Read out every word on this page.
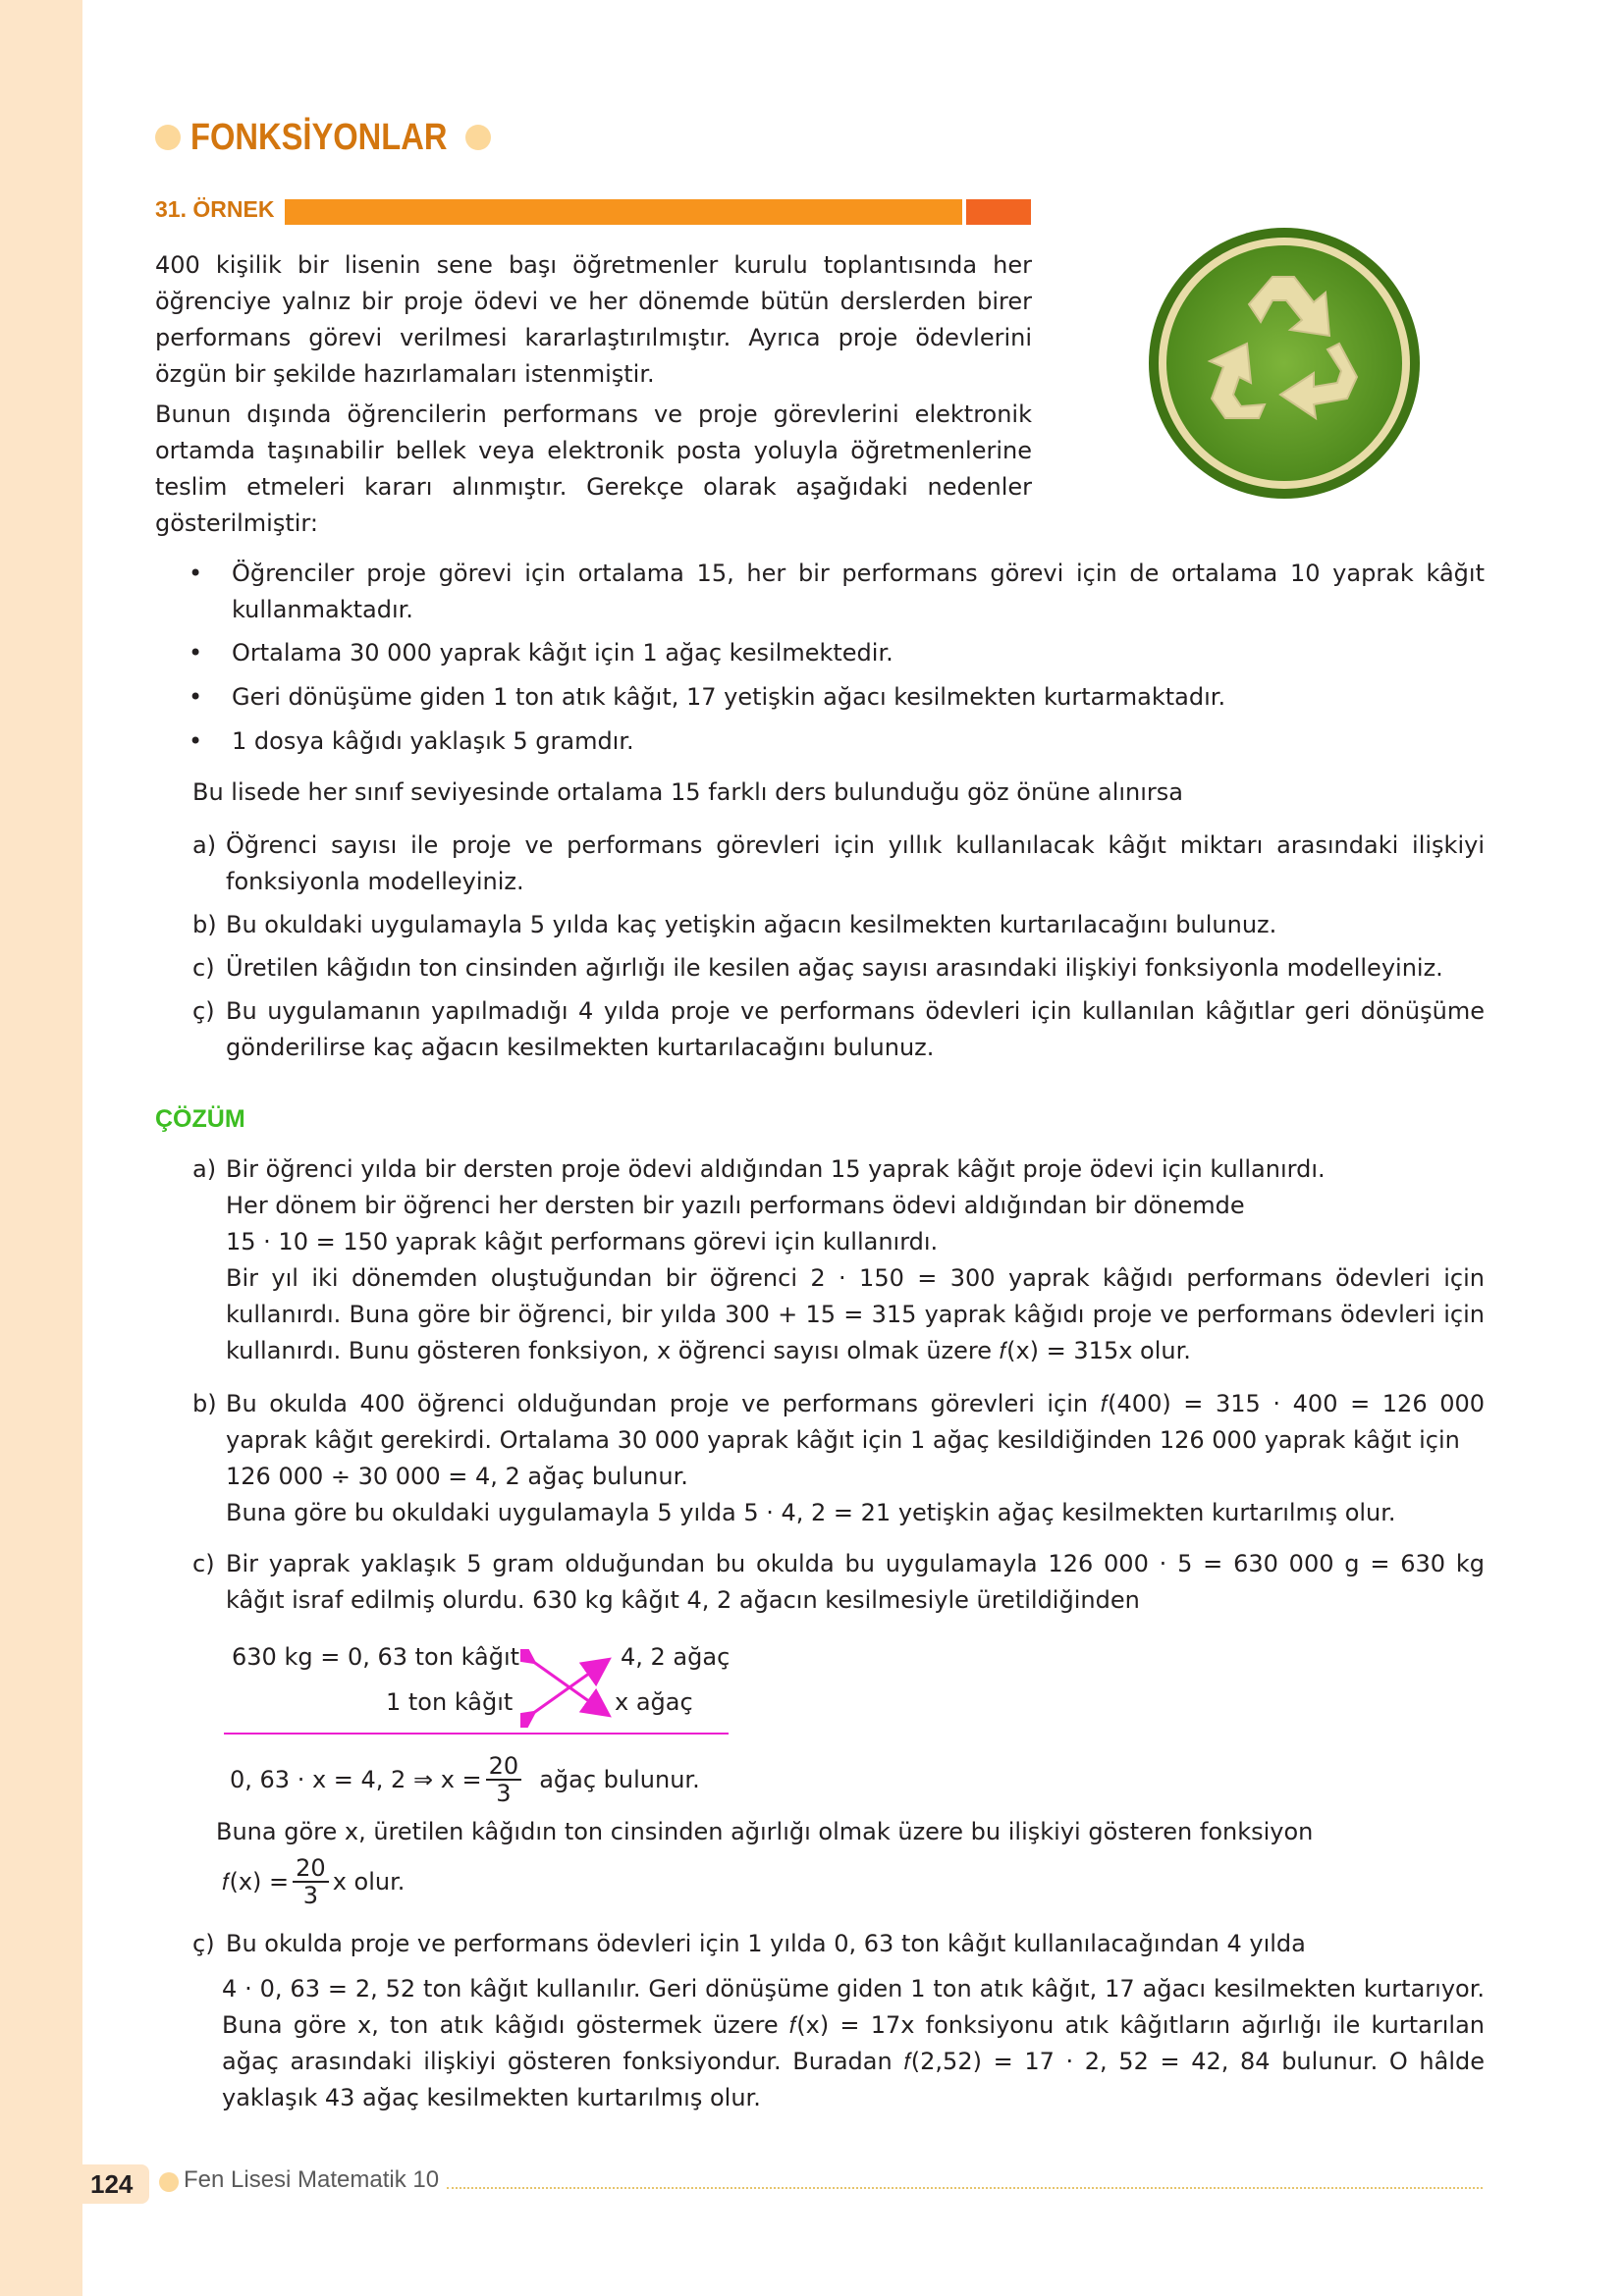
FONKSİYONLAR
31. ÖRNEK
400 kişilik bir lisenin sene başı öğretmenler kurulu toplantısında her öğrenciye yalnız bir proje ödevi ve her dönemde bütün derslerden birer performans görevi verilmesi kararlaştırılmıştır. Ayrıca proje ödevlerini özgün bir şekilde hazırlamaları istenmiştir.
Bunun dışında öğrencilerin performans ve proje görevlerini elektronik ortamda taşınabilir bellek veya elektronik posta yoluyla öğretmenlerine teslim etmeleri kararı alınmıştır. Gerekçe olarak aşağıdaki nedenler gösterilmiştir:
• Öğrenciler proje görevi için ortalama 15, her bir performans görevi için de ortalama 10 yaprak kâğıt kullanmaktadır.
• Ortalama 30 000 yaprak kâğıt için 1 ağaç kesilmektedir.
• Geri dönüşüme giden 1 ton atık kâğıt, 17 yetişkin ağacı kesilmekten kurtarmaktadır.
• 1 dosya kâğıdı yaklaşık 5 gramdır.
Bu lisede her sınıf seviyesinde ortalama 15 farklı ders bulunduğu göz önüne alınırsa
a) Öğrenci sayısı ile proje ve performans görevleri için yıllık kullanılacak kâğıt miktarı arasındaki ilişkiyi fonksiyonla modelleyiniz.
b) Bu okuldaki uygulamayla 5 yılda kaç yetişkin ağacın kesilmekten kurtarılacağını bulunuz.
c) Üretilen kâğıdın ton cinsinden ağırlığı ile kesilen ağaç sayısı arasındaki ilişkiyi fonksiyonla modelleyiniz.
ç) Bu uygulamanın yapılmadığı 4 yılda proje ve performans ödevleri için kullanılan kâğıtlar geri dönüşüme gönderilirse kaç ağacın kesilmekten kurtarılacağını bulunuz.
ÇÖZÜM
a) Bir öğrenci yılda bir dersten proje ödevi aldığından 15 yaprak kâğıt proje ödevi için kullanırdı.
Her dönem bir öğrenci her dersten bir yazılı performans ödevi aldığından bir dönemde
15 · 10 = 150 yaprak kâğıt performans görevi için kullanırdı.
Bir yıl iki dönemden oluştuğundan bir öğrenci 2 · 150 = 300 yaprak kâğıdı performans ödevleri için kullanırdı. Buna göre bir öğrenci, bir yılda 300 + 15 = 315 yaprak kâğıdı proje ve performans ödevleri için kullanırdı. Bunu gösteren fonksiyon, x öğrenci sayısı olmak üzere 𝑓(x) = 315x olur.
b) Bu okulda 400 öğrenci olduğundan proje ve performans görevleri için 𝑓(400) = 315 · 400 = 126 000 yaprak kâğıt gerekirdi. Ortalama 30 000 yaprak kâğıt için 1 ağaç kesildiğinden 126 000 yaprak kâğıt için
126 000 ÷ 30 000 = 4, 2 ağaç bulunur.
Buna göre bu okuldaki uygulamayla 5 yılda 5 · 4, 2 = 21 yetişkin ağaç kesilmekten kurtarılmış olur.
c) Bir yaprak yaklaşık 5 gram olduğundan bu okulda bu uygulamayla 126 000 · 5 = 630 000 g = 630 kg kâğıt israf edilmiş olurdu. 630 kg kâğıt 4, 2 ağacın kesilmesiyle üretildiğinden
630 kg = 0, 63 ton kâğıt
1 ton kâğıt
4, 2 ağaç
x ağaç
0, 63 · x = 4, 2 ⇒ $x = \frac{20}{3}$ ağaç bulunur.
Buna göre x, üretilen kâğıdın ton cinsinden ağırlığı olmak üzere bu ilişkiyi gösteren fonksiyon
𝑓(x) = $\frac{20}{3}$ x olur.
ç) Bu okulda proje ve performans ödevleri için 1 yılda 0, 63 ton kâğıt kullanılacağından 4 yılda
4 · 0, 63 = 2, 52 ton kâğıt kullanılır. Geri dönüşüme giden 1 ton atık kâğıt, 17 ağacı kesilmekten kurtarıyor. Buna göre x, ton atık kâğıdı göstermek üzere 𝑓(x) = 17x fonksiyonu atık kâğıtların ağırlığı ile kurtarılan ağaç arasındaki ilişkiyi gösteren fonksiyondur. Buradan 𝑓(2,52) = 17 · 2, 52 = 42, 84 bulunur. O hâlde yaklaşık 43 ağaç kesilmekten kurtarılmış olur.
124 Fen Lisesi Matematik 10
